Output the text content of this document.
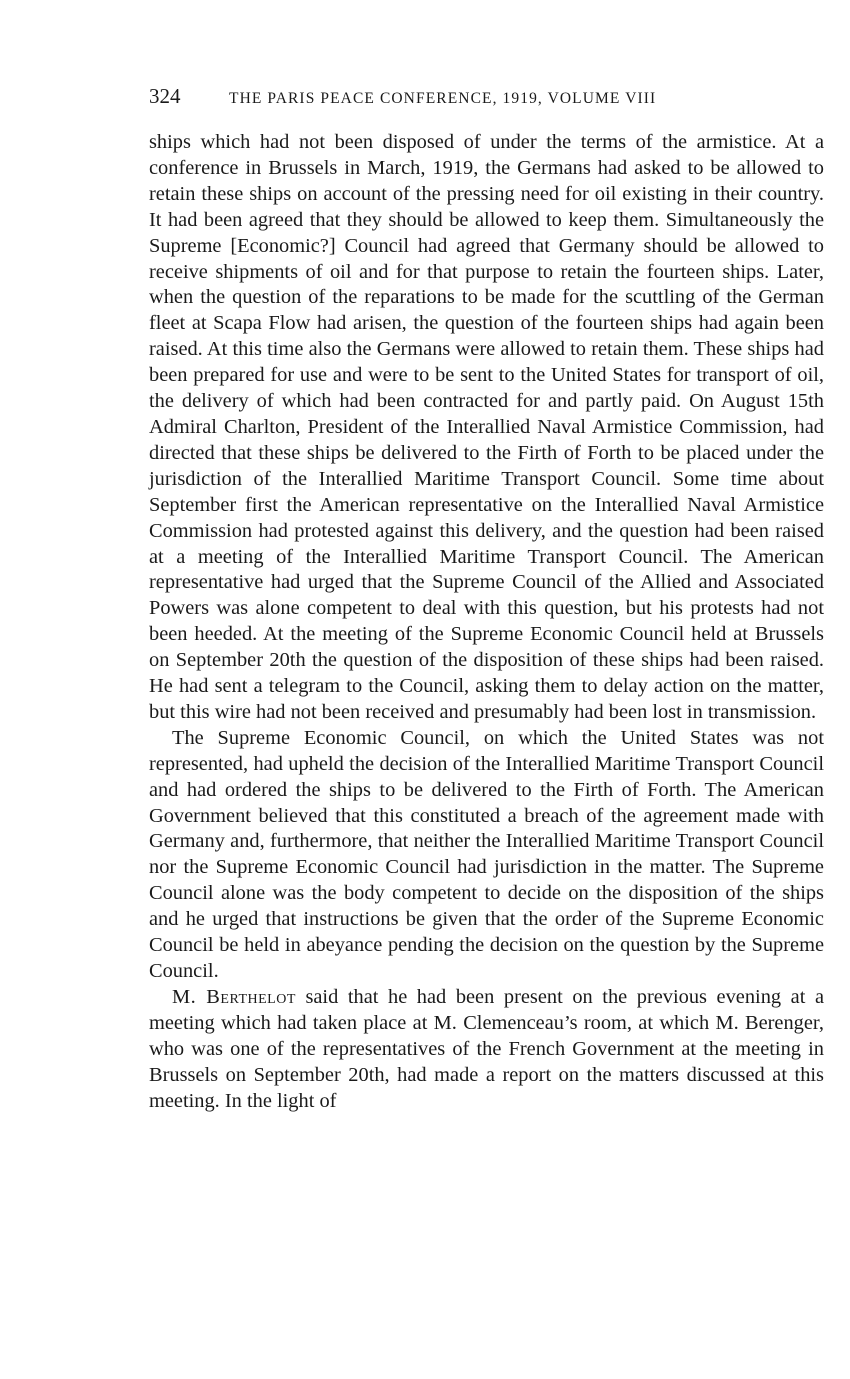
324	THE PARIS PEACE CONFERENCE, 1919, VOLUME VIII

ships which had not been disposed of under the terms of the armistice. At a conference in Brussels in March, 1919, the Germans had asked to be allowed to retain these ships on account of the pressing need for oil existing in their country. It had been agreed that they should be allowed to keep them. Simultaneously the Supreme [Economic?] Council had agreed that Germany should be allowed to receive shipments of oil and for that purpose to retain the fourteen ships. Later, when the question of the reparations to be made for the scuttling of the German fleet at Scapa Flow had arisen, the question of the fourteen ships had again been raised. At this time also the Germans were allowed to retain them. These ships had been prepared for use and were to be sent to the United States for transport of oil, the delivery of which had been contracted for and partly paid. On August 15th Admiral Charlton, President of the Interallied Naval Armistice Commission, had directed that these ships be delivered to the Firth of Forth to be placed under the jurisdiction of the Interallied Maritime Transport Council. Some time about September first the American representative on the Interallied Naval Armistice Commission had protested against this delivery, and the question had been raised at a meeting of the Interallied Maritime Transport Council. The American representative had urged that the Supreme Council of the Allied and Associated Powers was alone competent to deal with this question, but his protests had not been heeded. At the meeting of the Supreme Economic Council held at Brussels on September 20th the question of the disposition of these ships had been raised. He had sent a telegram to the Council, asking them to delay action on the matter, but this wire had not been received and presumably had been lost in transmission.

The Supreme Economic Council, on which the United States was not represented, had upheld the decision of the Interallied Maritime Transport Council and had ordered the ships to be delivered to the Firth of Forth. The American Government believed that this constituted a breach of the agreement made with Germany and, furthermore, that neither the Interallied Maritime Transport Council nor the Supreme Economic Council had jurisdiction in the matter. The Supreme Council alone was the body competent to decide on the disposition of the ships and he urged that instructions be given that the order of the Supreme Economic Council be held in abeyance pending the decision on the question by the Supreme Council.

M. Berthelot said that he had been present on the previous evening at a meeting which had taken place at M. Clemenceau’s room, at which M. Berenger, who was one of the representatives of the French Government at the meeting in Brussels on September 20th, had made a report on the matters discussed at this meeting. In the light of
